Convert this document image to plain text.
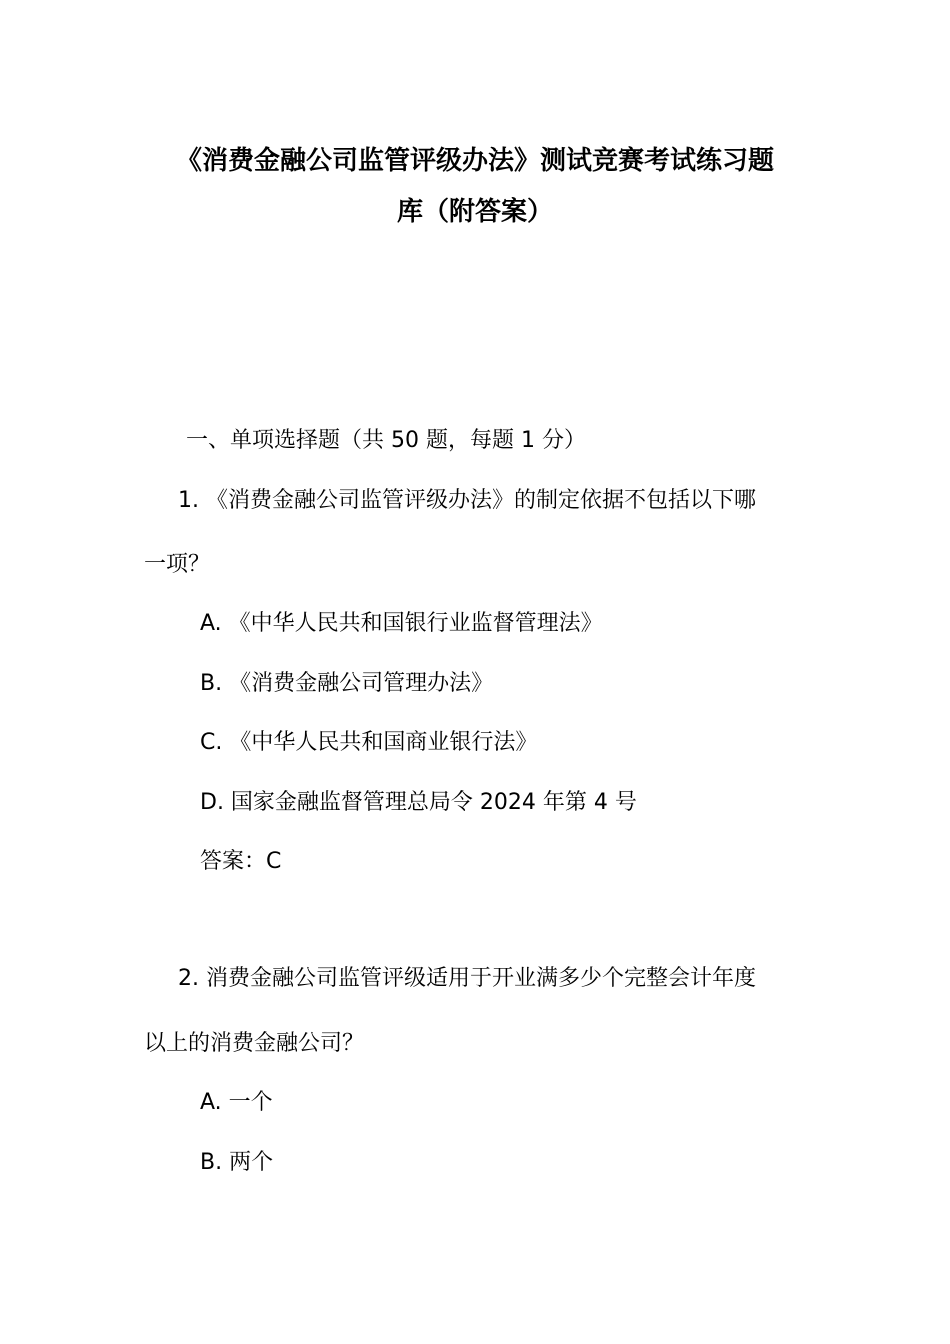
《消费金融公司监管评级办法》测试竞赛考试练习题
库（附答案）
一、单项选择题（共 50 题，每题 1 分）
1. 《消费金融公司监管评级办法》的制定依据不包括以下哪
一项？
A. 《中华人民共和国银行业监督管理法》
B. 《消费金融公司管理办法》
C. 《中华人民共和国商业银行法》
D. 国家金融监督管理总局令 2024 年第 4 号
答案：C
2. 消费金融公司监管评级适用于开业满多少个完整会计年度
以上的消费金融公司？
A. 一个
B. 两个
